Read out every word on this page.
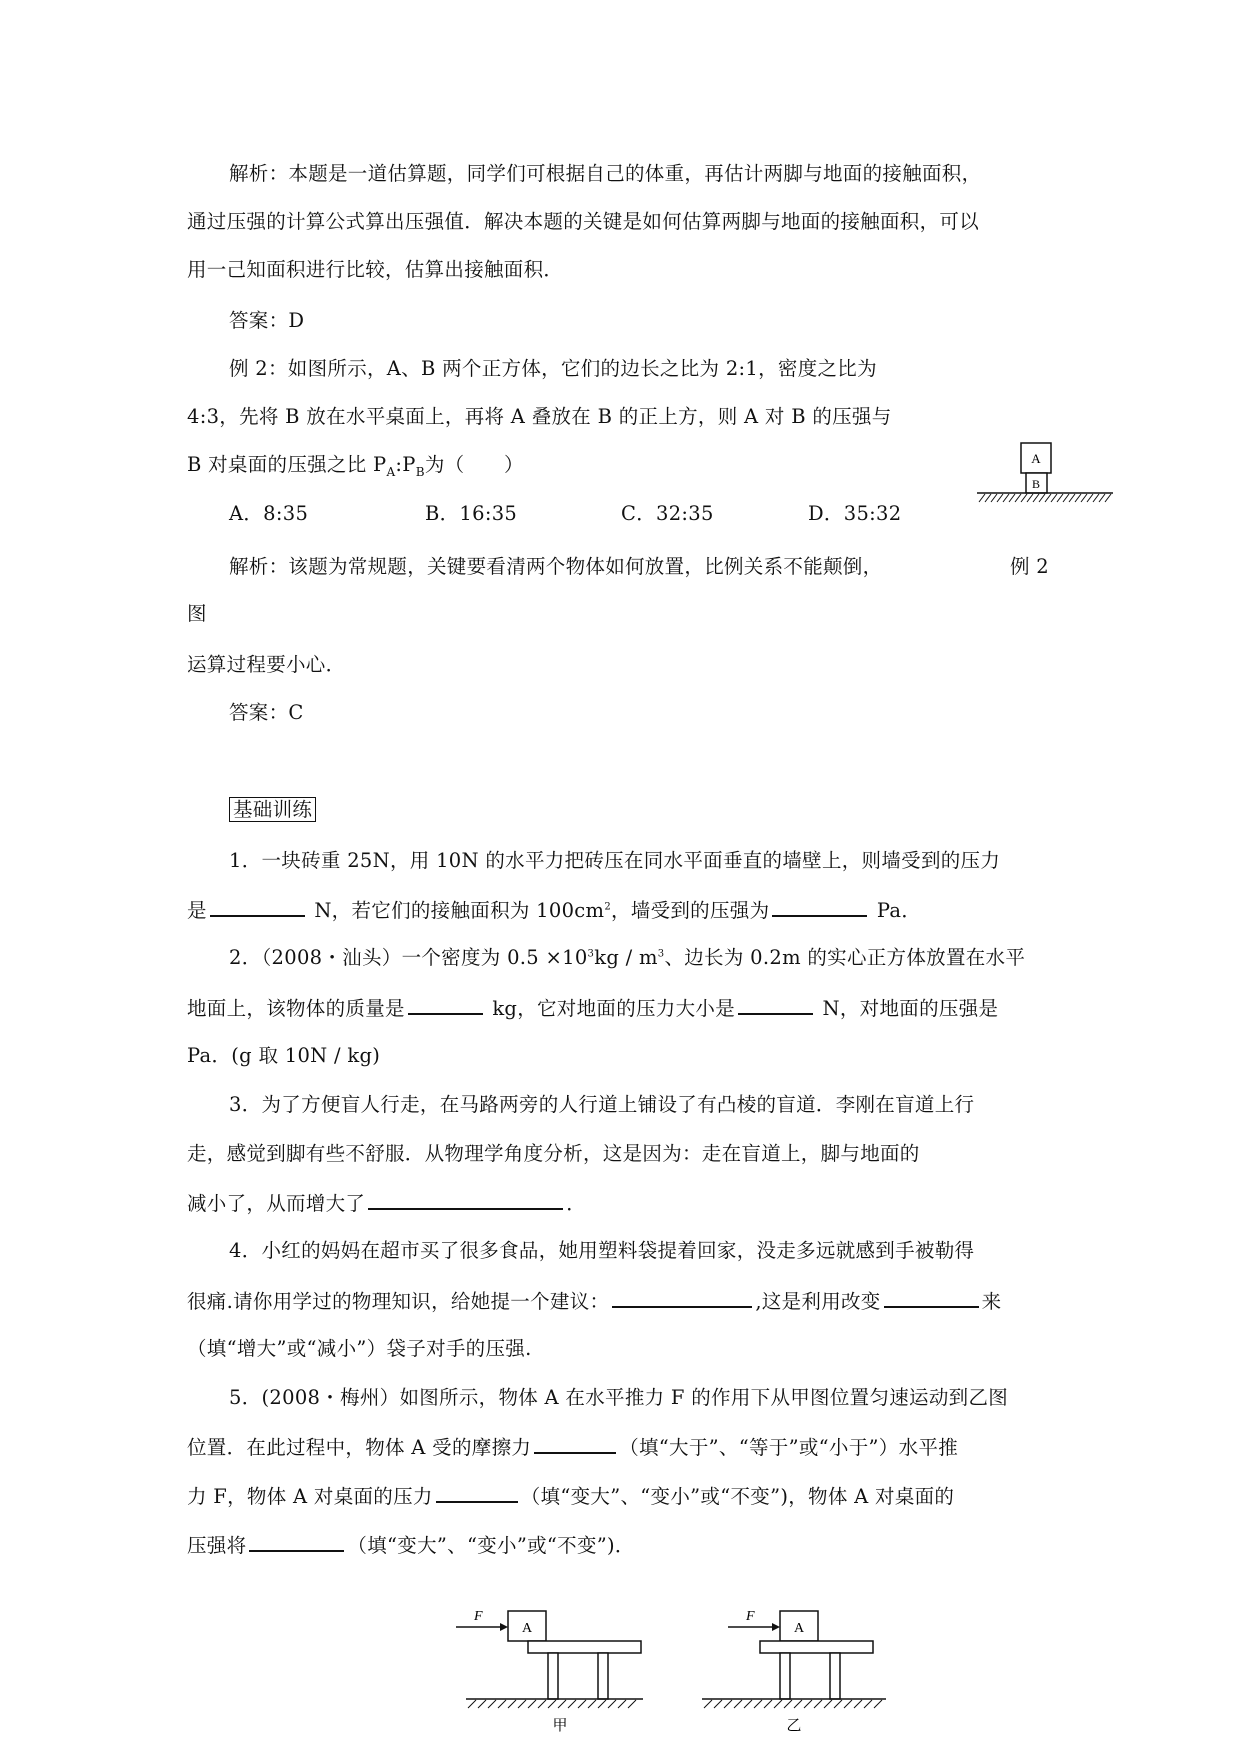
解析：本题是一道估算题，同学们可根据自己的体重，再估计两脚与地面的接触面积，
通过压强的计算公式算出压强值．解决本题的关键是如何估算两脚与地面的接触面积，可以
用一己知面积进行比较，估算出接触面积．
答案：D
例 2：如图所示，A、B 两个正方体，它们的边长之比为 2:1，密度之比为
4:3，先将 B 放在水平桌面上，再将 A 叠放在 B 的正上方，则 A 对 B 的压强与
B 对桌面的压强之比 $P_A:P_B$为（　　）
A．8:35	B．16:35	C．32:35	D．35:32
A
B
解析：该题为常规题，关键要看清两个物体如何放置，比例关系不能颠倒，	例 2
图
运算过程要小心．
答案：C
基础训练
1．一块砖重 25N，用 10N 的水平力把砖压在同水平面垂直的墙壁上，则墙受到的压力
是	N，若它们的接触面积为 $100cm^2$，墙受到的压强为	Pa．
2．（2008・汕头）一个密度为 $0.5 \times 10^3kg / m^3$、边长为 0.2m 的实心正方体放置在水平
地面上，该物体的质量是	kg，它对地面的压力大小是	N，对地面的压强是
Pa．(g 取 10N / kg)
3．为了方便盲人行走，在马路两旁的人行道上铺设了有凸棱的盲道．李刚在盲道上行
走，感觉到脚有些不舒服．从物理学角度分析，这是因为：走在盲道上，脚与地面的
减小了，从而增大了	．
4．小红的妈妈在超市买了很多食品，她用塑料袋提着回家，没走多远就感到手被勒得
很痛.请你用学过的物理知识，给她提一个建议：	,这是利用改变	来
（填“增大”或“减小”）袋子对手的压强.
5．(2008・梅州）如图所示，物体 A 在水平推力 F 的作用下从甲图位置匀速运动到乙图
位置．在此过程中，物体 A 受的摩擦力	（填“大于”、“等于”或“小于”）水平推
力 F，物体 A 对桌面的压力	（填“变大”、“变小”或“不变”)，物体 A 对桌面的
压强将	（填“变大”、“变小”或“不变”)．
F
A
甲
F
A
乙
